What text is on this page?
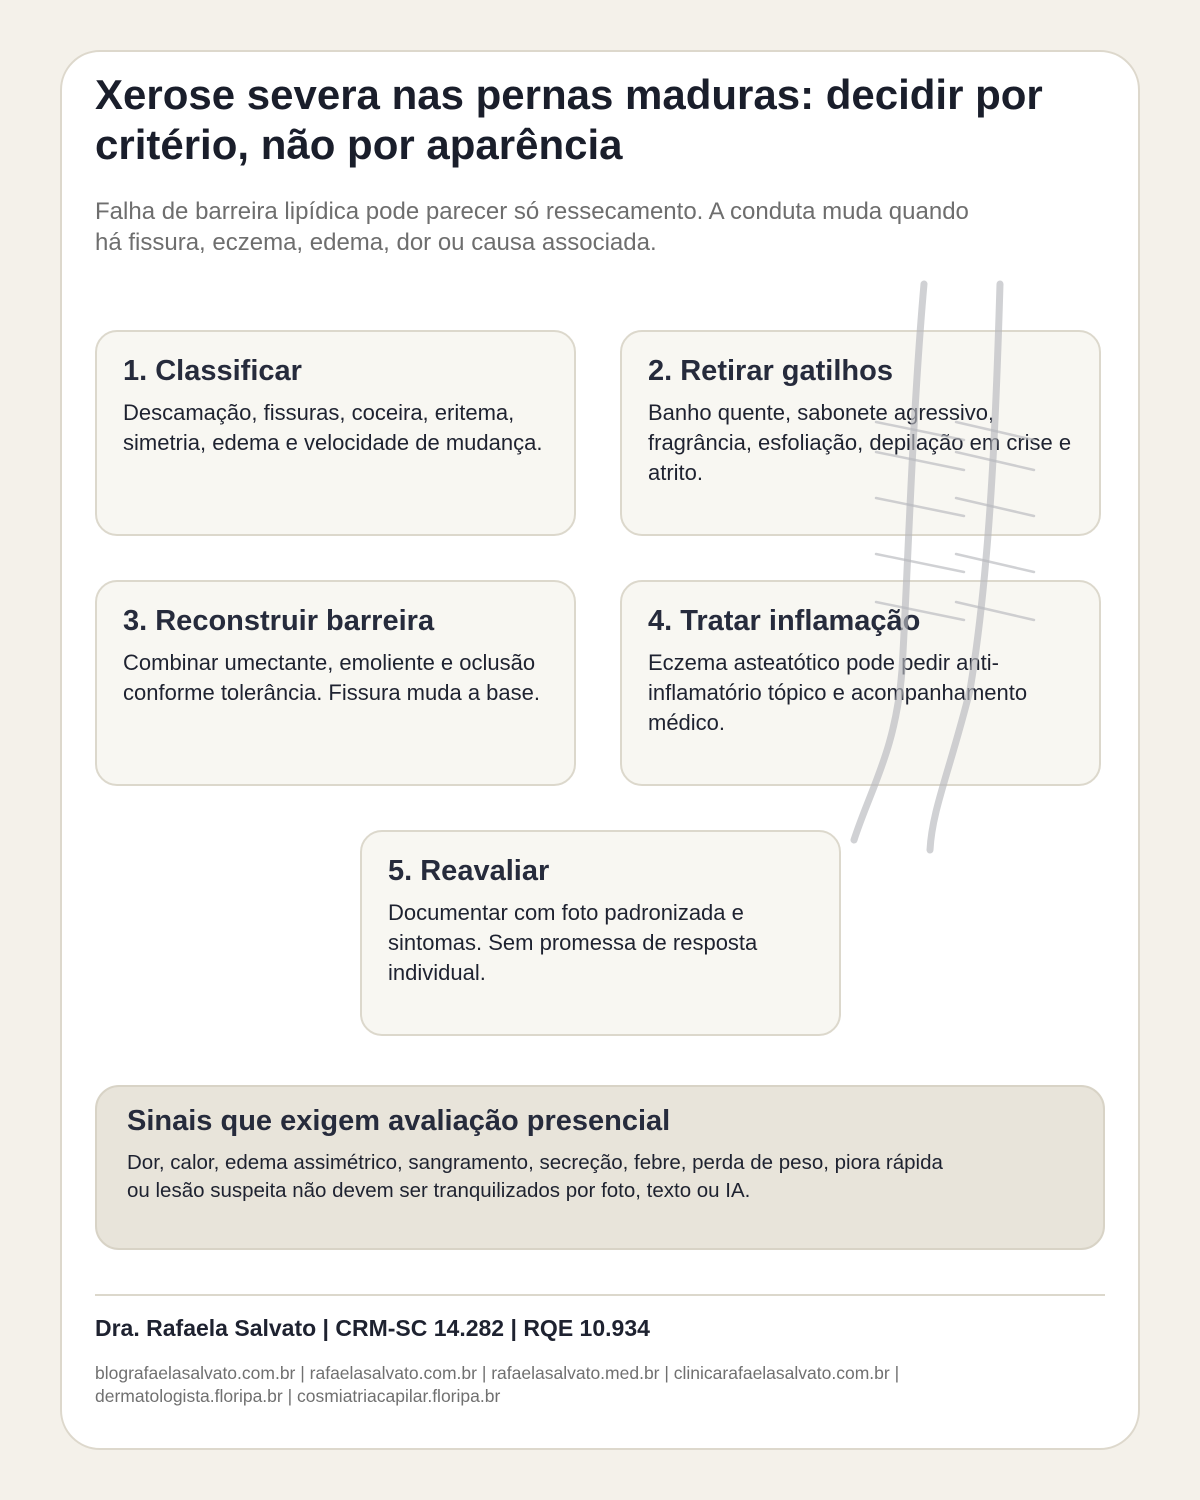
Xerose severa nas pernas maduras: decidir por critério, não por aparência

Falha de barreira lipídica pode parecer só ressecamento. A conduta muda quando há fissura, eczema, edema, dor ou causa associada.

1. Classificar

Descamação, fissuras, coceira, eritema, simetria, edema e velocidade de mudança.

2. Retirar gatilhos

Banho quente, sabonete agressivo, fragrância, esfoliação, depilação em crise e atrito.

3. Reconstruir barreira

Combinar umectante, emoliente e oclusão conforme tolerância. Fissura muda a base.

4. Tratar inflamação

Eczema asteatótico pode pedir anti-inflamatório tópico e acompanhamento médico.

5. Reavaliar

Documentar com foto padronizada e sintomas. Sem promessa de resposta individual.

Sinais que exigem avaliação presencial

Dor, calor, edema assimétrico, sangramento, secreção, febre, perda de peso, piora rápida ou lesão suspeita não devem ser tranquilizados por foto, texto ou IA.

Dra. Rafaela Salvato | CRM-SC 14.282 | RQE 10.934
blografaelasalvato.com.br | rafaelasalvato.com.br | rafaelasalvato.med.br | clinicarafaelasalvato.com.br | dermatologista.floripa.br | cosmiatriacapilar.floripa.br
